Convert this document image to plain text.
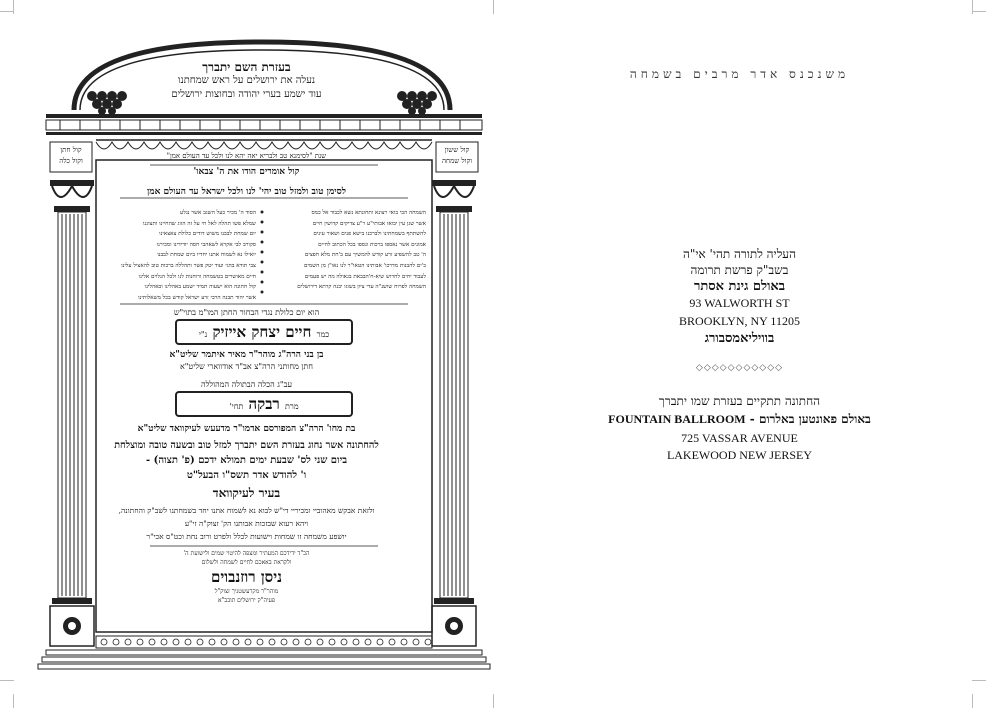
בעזרת השם יתברך
נעלה את ירושלים על ראש שמחתנו
עוד ישמע בערי יהודה ובחוצות ירושלים
קול ששון
וקול שמחה
קול חתן
וקול כלה
שנת "לסימנא טב ולבריא יאה יהא לנו ולכל עד העולם אמן"
קול אומרים הודו את ה' צבאו'
לסימן טוב ולמזל טוב יהי' לנו ולכל ישראל עד העולם אמן
השמחה הבי בואי רצונא ותחונתא נשא לכבוד אל כמס
אשר שגן עין יבואו אבותי"ע ר"ע צדיקים קדושין חיים
להשתתף בשמחתינו ולברכנו בישא פנים ושאור עינים
אמונים אשר נאספו ברכות ונספו בכל הכתוב לחיים
ה' טב להשפיע זרע קודש להמשיך עם ב'חת מלא חפצים
ב'ים להבנות מדרכו' אבותינו הטאו"ר לנו נאו"ן מן השמים
לעבוד יחים לחרוש שיא-ח'הבבאת בגאולה מה יש פעמים
השמחה לפרוח שושנ"ה עדי ציון בשוגו יבנה קרתא דירושלים
הסוד ה' מכיר כעל השגב אשר נגלע
שמלא פשו תהלה לאל חי על זה הזוג שהחיינו ותצוגנו
יום שמחת לבבנו משוש דודים כלולת צאצאינו
סקורב לבי אקרא לשאהבי חסה יודידינו ומכירנו
יואילו נא לשמוח אתנו יחדיו ביום שמחת לבבנו
צבי תודא בהגי ועוד יטק פשר ותהללה ברכות טוב להאציל עלינו
חיים מאושרים בטשמחה ורוחנות לנו ולכל הנלוים אלינו
קול חתונה הוא ישעוה תמיד ישמע באהלינו ובאהלינו
אשר יהוד תבנה הרבי זרע ישראל קודש בכל משאלותינו
הוא יום כלולת נגדי הבחור החתן המו"מ בתוי"ש
כמר חיים יצחק אייזיק נ"י
בן בני הרה"ג מוהר"ר מאיר איתמר שליט"א
חתן מחותני הרה"צ אב"ד אודווארי שליט"א
עב"ג הכלה הבתולה המהוללה
מרת רבקה תחי'
בת מחו' הרה"צ המפורסם אדמו"ר מדעעש לעיקוואד שליט"א
להחתונה אשר נחוג בעזרת השם יתברך למזל טוב ובשעה טובה ומוצלחת
ביום שני לס' שבעת ימים תמולא ידכם (פ' תצוה) -
ו' להודש אדר תשס"ו הבעל"ט
בעיר לעיקוואד
ולזאת אבקש מאהוביי ומכיריי די"ש לבוא נא לשמוח אתנו יחד בשמחתנו לשב"ק והחתונה,
ויהא רעוא שבזכות אבותנו הק' זצוק"ה זי"ע
יושפע משמחה זו שמחות וישועות לכלל ולפרט ורוב נחת וכט"ס אכי"ר
הכ"ד ידידכם המעתיר ומצפה להיטוי שמים ולישועת ה'
ולקראת באאכם לחיים לשמחה ולשלום
ניסן רוזנבוים
מוהר"ר מקרעשטניך זצוק"ל
פעיה"ק ירושלים תובב"א
משנכנס אדר מרבים בשמחה
העליה לתורה תהי' אי"ה
בשב"ק פרשת תרומה
באולם גינת אסתר
93 WALWORTH ST
BROOKLYN, NY 11205
בוויליאמסבורג
◇◇◇◇◇◇◇◇◇◇◇
החתונה תתקיים בעזרת שמו יתברך
FOUNTAIN BALLROOM - באולם פאונטען באלרום
725 VASSAR AVENUE
LAKEWOOD NEW JERSEY
